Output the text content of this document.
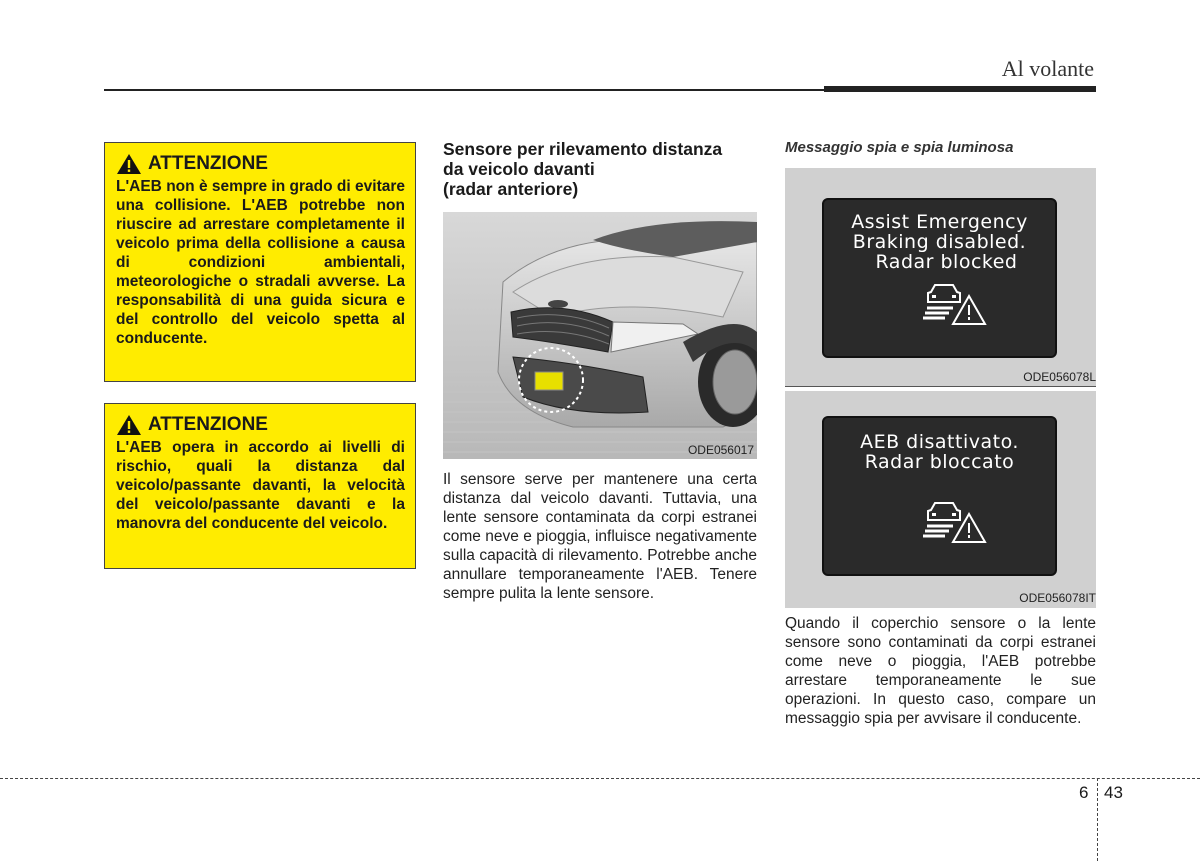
Al volante
ATTENZIONE
L'AEB non è sempre in grado di evitare una collisione. L'AEB potrebbe non riuscire ad arrestare completamente il veicolo prima della collisione a causa di condizioni ambientali, meteorologiche o stradali avverse. La responsabilità di una guida sicura e del controllo del veicolo spetta al conducente.
ATTENZIONE
L'AEB opera in accordo ai livelli di rischio, quali la distanza dal veicolo/passante davanti, la velocità del veicolo/passante davanti e la manovra del conducente del veicolo.
Sensore per rilevamento distanza
da veicolo davanti
(radar anteriore)
ODE056017
Il sensore serve per mantenere una certa distanza dal veicolo davanti. Tuttavia, una lente sensore contaminata da corpi estranei come neve e pioggia, influisce negativamente sulla capacità di rilevamento. Potrebbe anche annullare temporaneamente l'AEB. Tenere sempre pulita la lente sensore.
Messaggio spia e spia luminosa
Assist Emergency
Braking disabled.
Radar blocked
ODE056078L
AEB disattivato.
Radar bloccato
ODE056078IT
Quando il coperchio sensore o la lente sensore sono contaminati da corpi estranei come neve o pioggia, l'AEB potrebbe arrestare temporaneamente le sue operazioni. In questo caso, compare un messaggio spia per avvisare il conducente.
6 43
